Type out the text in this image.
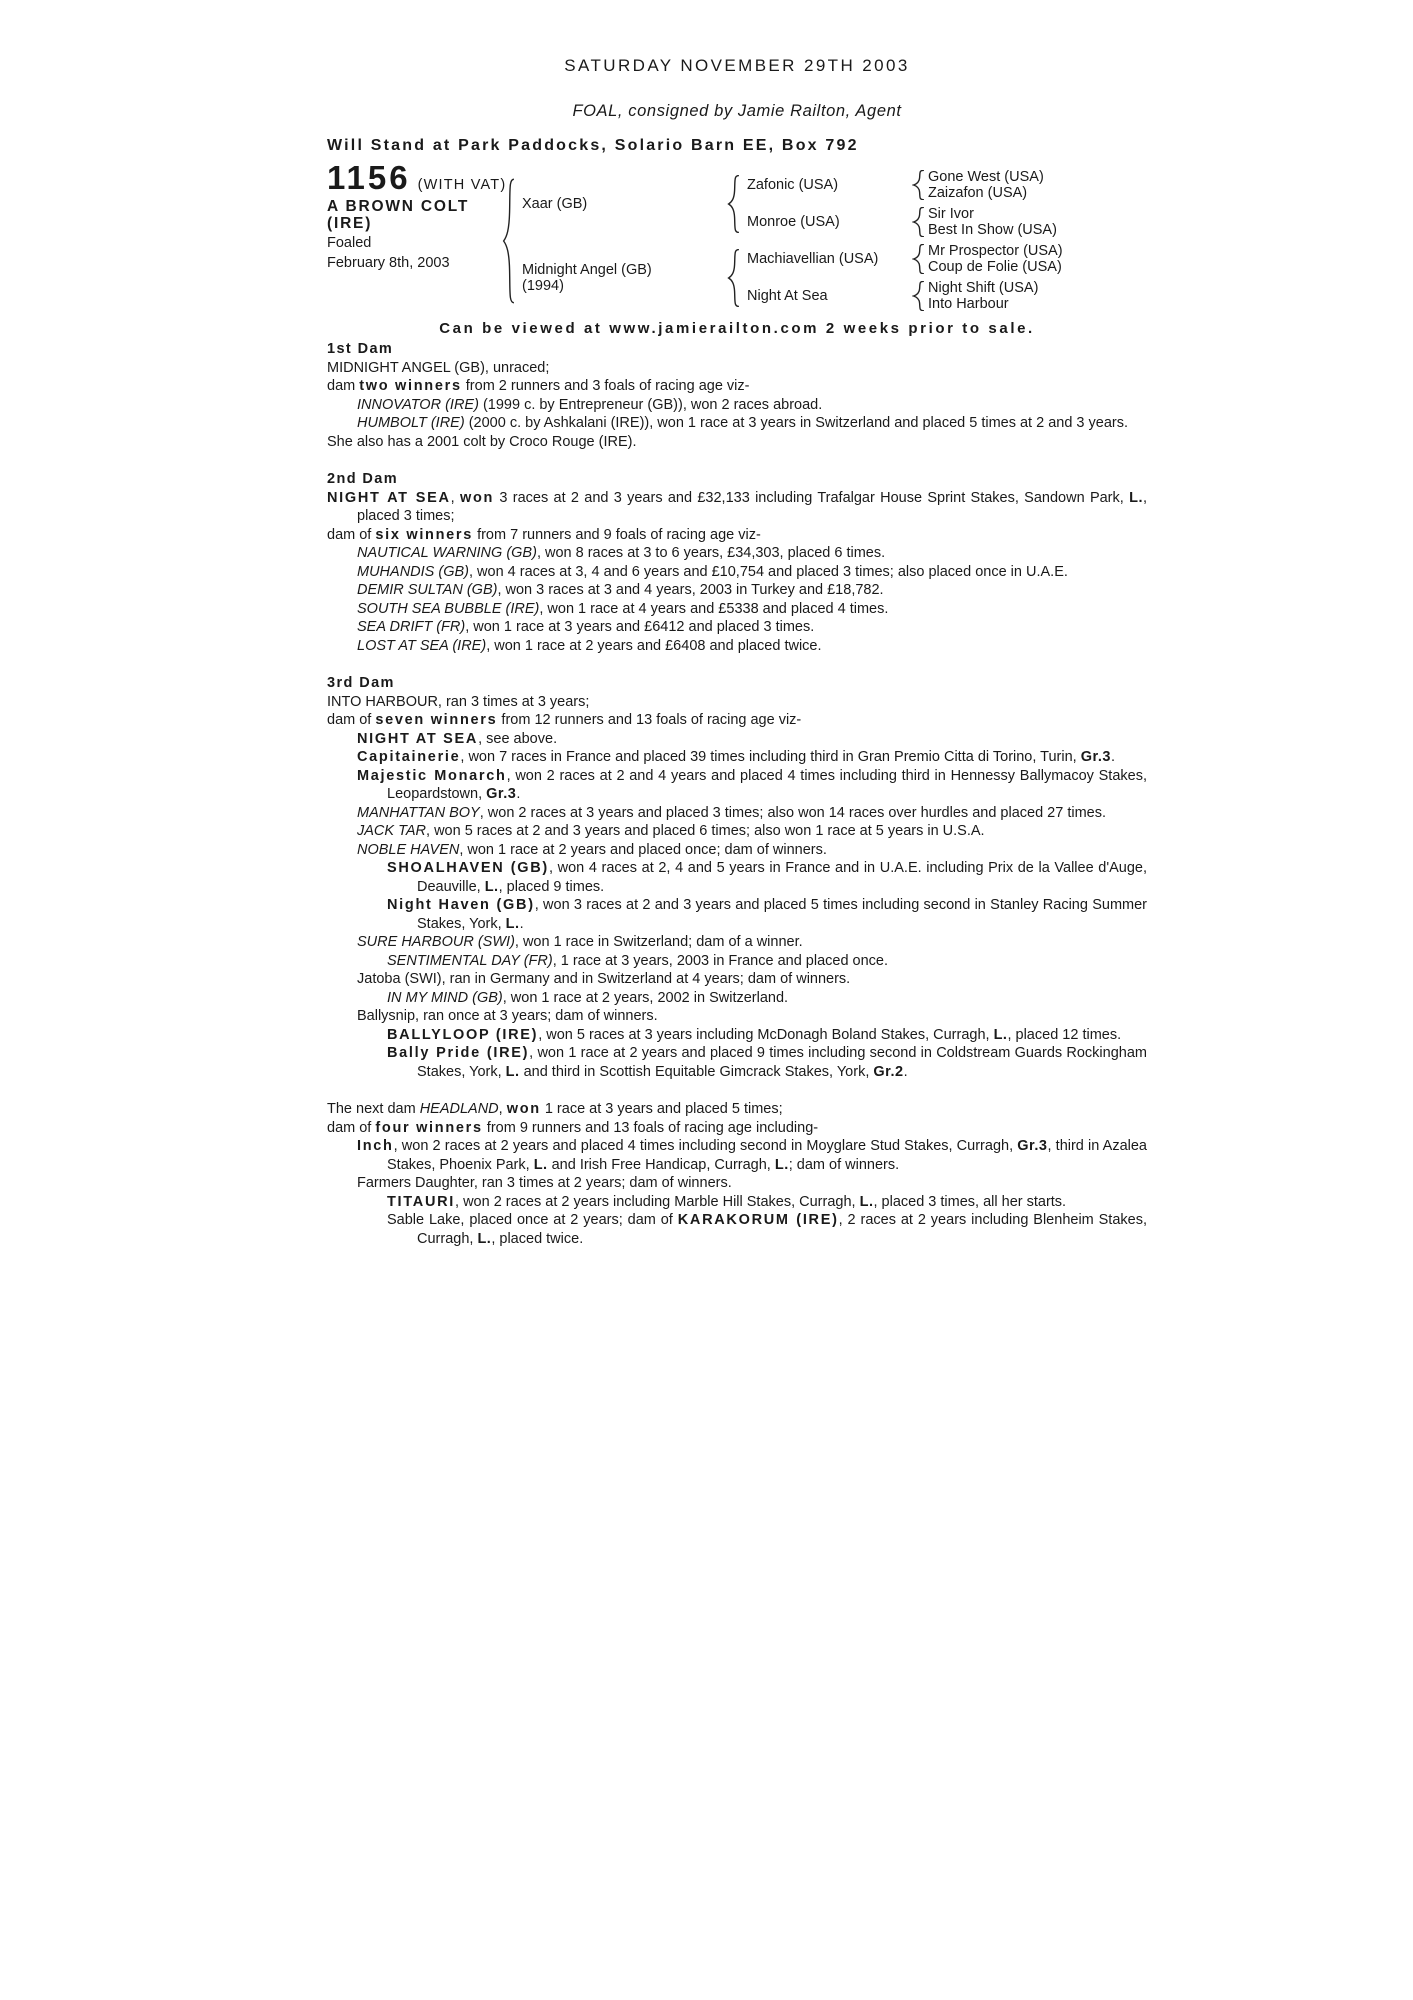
SATURDAY NOVEMBER 29TH 2003
FOAL, consigned by Jamie Railton, Agent
Will Stand at Park Paddocks, Solario Barn EE, Box 792
1156 (WITH VAT)
A BROWN COLT
(IRE)
Foaled
February 8th, 2003
Xaar (GB)
Midnight Angel (GB)
(1994)
Zafonic (USA)
Monroe (USA)
Machiavellian (USA)
Night At Sea
Gone West (USA)
Zaizafon (USA)
Sir Ivor
Best In Show (USA)
Mr Prospector (USA)
Coup de Folie (USA)
Night Shift (USA)
Into Harbour
Can be viewed at www.jamierailton.com 2 weeks prior to sale.
1st Dam
MIDNIGHT ANGEL (GB), unraced;
dam two winners from 2 runners and 3 foals of racing age viz-
INNOVATOR (IRE) (1999 c. by Entrepreneur (GB)), won 2 races abroad.
HUMBOLT (IRE) (2000 c. by Ashkalani (IRE)), won 1 race at 3 years in Switzerland and placed 5 times at 2 and 3 years.
She also has a 2001 colt by Croco Rouge (IRE).
2nd Dam
NIGHT AT SEA, won 3 races at 2 and 3 years and £32,133 including Trafalgar House Sprint Stakes, Sandown Park, L., placed 3 times;
dam of six winners from 7 runners and 9 foals of racing age viz-
NAUTICAL WARNING (GB), won 8 races at 3 to 6 years, £34,303, placed 6 times.
MUHANDIS (GB), won 4 races at 3, 4 and 6 years and £10,754 and placed 3 times; also placed once in U.A.E.
DEMIR SULTAN (GB), won 3 races at 3 and 4 years, 2003 in Turkey and £18,782.
SOUTH SEA BUBBLE (IRE), won 1 race at 4 years and £5338 and placed 4 times.
SEA DRIFT (FR), won 1 race at 3 years and £6412 and placed 3 times.
LOST AT SEA (IRE), won 1 race at 2 years and £6408 and placed twice.
3rd Dam
INTO HARBOUR, ran 3 times at 3 years;
dam of seven winners from 12 runners and 13 foals of racing age viz-
NIGHT AT SEA, see above.
Capitainerie, won 7 races in France and placed 39 times including third in Gran Premio Citta di Torino, Turin, Gr.3.
Majestic Monarch, won 2 races at 2 and 4 years and placed 4 times including third in Hennessy Ballymacoy Stakes, Leopardstown, Gr.3.
MANHATTAN BOY, won 2 races at 3 years and placed 3 times; also won 14 races over hurdles and placed 27 times.
JACK TAR, won 5 races at 2 and 3 years and placed 6 times; also won 1 race at 5 years in U.S.A.
NOBLE HAVEN, won 1 race at 2 years and placed once; dam of winners.
SHOALHAVEN (GB), won 4 races at 2, 4 and 5 years in France and in U.A.E. including Prix de la Vallee d'Auge, Deauville, L., placed 9 times.
Night Haven (GB), won 3 races at 2 and 3 years and placed 5 times including second in Stanley Racing Summer Stakes, York, L..
SURE HARBOUR (SWI), won 1 race in Switzerland; dam of a winner.
SENTIMENTAL DAY (FR), 1 race at 3 years, 2003 in France and placed once.
Jatoba (SWI), ran in Germany and in Switzerland at 4 years; dam of winners.
IN MY MIND (GB), won 1 race at 2 years, 2002 in Switzerland.
Ballysnip, ran once at 3 years; dam of winners.
BALLYLOOP (IRE), won 5 races at 3 years including McDonagh Boland Stakes, Curragh, L., placed 12 times.
Bally Pride (IRE), won 1 race at 2 years and placed 9 times including second in Coldstream Guards Rockingham Stakes, York, L. and third in Scottish Equitable Gimcrack Stakes, York, Gr.2.
The next dam HEADLAND, won 1 race at 3 years and placed 5 times;
dam of four winners from 9 runners and 13 foals of racing age including-
Inch, won 2 races at 2 years and placed 4 times including second in Moyglare Stud Stakes, Curragh, Gr.3, third in Azalea Stakes, Phoenix Park, L. and Irish Free Handicap, Curragh, L.; dam of winners.
Farmers Daughter, ran 3 times at 2 years; dam of winners.
TITAURI, won 2 races at 2 years including Marble Hill Stakes, Curragh, L., placed 3 times, all her starts.
Sable Lake, placed once at 2 years; dam of KARAKORUM (IRE), 2 races at 2 years including Blenheim Stakes, Curragh, L., placed twice.
